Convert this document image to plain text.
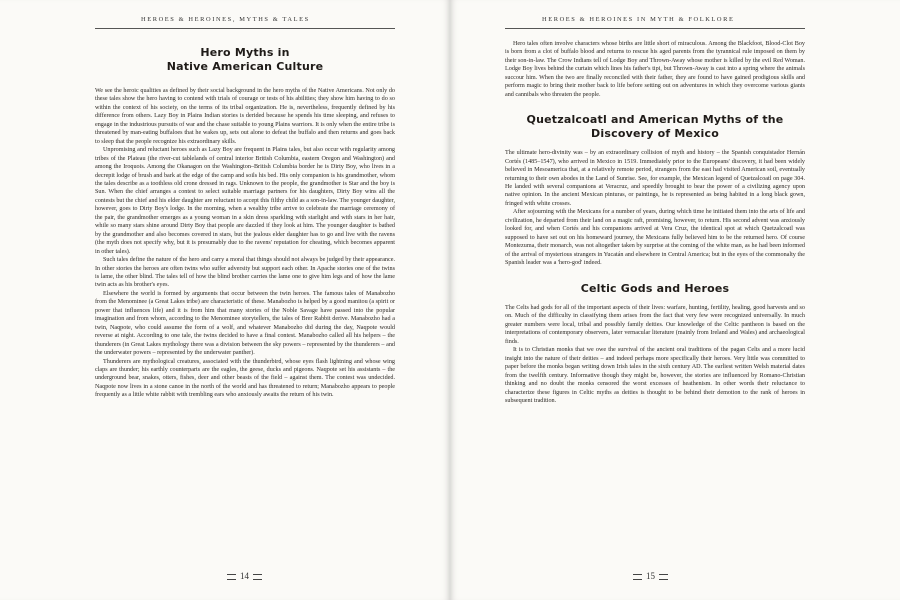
HEROES & HEROINES, MYTHS & TALES
Hero Myths in
Native American Culture

We see the heroic qualities as defined by their social background in the hero myths of the Native Americans. Not only do these tales show the hero having to contend with trials of courage or tests of his abilities; they show him having to do so within the context of his society, on the terms of its tribal organization. He is, nevertheless, frequently defined by his difference from others. Lazy Boy in Plains Indian stories is derided because he spends his time sleeping, and refuses to engage in the industrious pursuits of war and the chase suitable to young Plains warriors. It is only when the entire tribe is threatened by man-eating buffaloes that he wakes up, sets out alone to defeat the buffalo and then returns and goes back to sleep that the people recognize his extraordinary skills.

Unpromising and reluctant heroes such as Lazy Boy are frequent in Plains tales, but also occur with regularity among tribes of the Plateau (the river-cut tablelands of central interior British Columbia, eastern Oregon and Washington) and among the Iroquois. Among the Okanagon on the Washington–British Columbia border he is Dirty Boy, who lives in a decrepit lodge of brush and bark at the edge of the camp and soils his bed. His only companion is his grandmother, whom the tales describe as a toothless old crone dressed in rags. Unknown to the people, the grandmother is Star and the boy is Sun. When the chief arranges a contest to select suitable marriage partners for his daughters, Dirty Boy wins all the contests but the chief and his elder daughter are reluctant to accept this filthy child as a son-in-law. The younger daughter, however, goes to Dirty Boy's lodge. In the morning, when a wealthy tribe arrive to celebrate the marriage ceremony of the pair, the grandmother emerges as a young woman in a skin dress sparkling with starlight and with stars in her hair, while so many stars shine around Dirty Boy that people are dazzled if they look at him. The younger daughter is bathed by the grandmother and also becomes covered in stars, but the jealous elder daughter has to go and live with the ravens (the myth does not specify why, but it is presumably due to the ravens' reputation for cheating, which becomes apparent in other tales).

Such tales define the nature of the hero and carry a moral that things should not always be judged by their appearance. In other stories the heroes are often twins who suffer adversity but support each other. In Apache stories one of the twins is lame, the other blind. The tales tell of how the blind brother carries the lame one to give him legs and of how the lame twin acts as his brother's eyes.

Elsewhere the world is formed by arguments that occur between the twin heroes. The famous tales of Manabozho from the Menominee (a Great Lakes tribe) are characteristic of these. Manabozho is helped by a good manitou (a spirit or power that influences life) and it is from him that many stories of the Noble Savage have passed into the popular imagination and from whom, according to the Menominee storytellers, the tales of Brer Rabbit derive. Manabozho had a twin, Naqpote, who could assume the form of a wolf, and whatever Manabozho did during the day, Naqpote would reverse at night. According to one tale, the twins decided to have a final contest. Manabozho called all his helpers – the thunderers (in Great Lakes mythology there was a division between the sky powers – represented by the thunderers – and the underwater powers – represented by the underwater panther).

Thunderers are mythological creatures, associated with the thunderbird, whose eyes flash lightning and whose wing claps are thunder; his earthly counterparts are the eagles, the geese, ducks and pigeons. Naqpote set his assistants – the underground bear, snakes, otters, fishes, deer and other beasts of the field – against them. The contest was undecided. Naqpote now lives in a stone canoe in the north of the world and has threatened to return; Manabozho appears to people frequently as a little white rabbit with trembling ears who anxiously awaits the return of his twin.

14
HEROES & HEROINES IN MYTH & FOLKLORE

Hero tales often involve characters whose births are little short of miraculous. Among the Blackfoot, Blood-Clot Boy is born from a clot of buffalo blood and returns to rescue his aged parents from the tyrannical rule imposed on them by their son-in-law. The Crow Indians tell of Lodge Boy and Thrown-Away whose mother is killed by the evil Red Woman. Lodge Boy lives behind the curtain which lines his father's tipi, but Thrown-Away is cast into a spring where the animals succour him. When the two are finally reconciled with their father, they are found to have gained prodigious skills and perform magic to bring their mother back to life before setting out on adventures in which they overcome various giants and cannibals who threaten the people.

Quetzalcoatl and American Myths of the
Discovery of Mexico

The ultimate hero-divinity was – by an extraordinary collision of myth and history – the Spanish conquistador Hernán Cortés (1485–1547), who arrived in Mexico in 1519. Immediately prior to the Europeans' discovery, it had been widely believed in Mesoamerica that, at a relatively remote period, strangers from the east had visited American soil, eventually returning to their own abodes in the Land of Sunrise. See, for example, the Mexican legend of Quetzalcoatl on page 304. He landed with several companions at Veracruz, and speedily brought to bear the power of a civilizing agency upon native opinion. In the ancient Mexican pinturas, or paintings, he is represented as being habited in a long black gown, fringed with white crosses.

After sojourning with the Mexicans for a number of years, during which time he initiated them into the arts of life and civilization, he departed from their land on a magic raft, promising, however, to return. His second advent was anxiously looked for, and when Cortés and his companions arrived at Vera Cruz, the identical spot at which Quetzalcoatl was supposed to have set out on his homeward journey, the Mexicans fully believed him to be the returned hero. Of course Montezuma, their monarch, was not altogether taken by surprise at the coming of the white man, as he had been informed of the arrival of mysterious strangers in Yucatán and elsewhere in Central America; but in the eyes of the commonalty the Spanish leader was a 'hero-god' indeed.

Celtic Gods and Heroes

The Celts had gods for all of the important aspects of their lives: warfare, hunting, fertility, healing, good harvests and so on. Much of the difficulty in classifying them arises from the fact that very few were recognized universally. In much greater numbers were local, tribal and possibly family deities. Our knowledge of the Celtic pantheon is based on the interpretations of contemporary observers, later vernacular literature (mainly from Ireland and Wales) and archaeological finds.

It is to Christian monks that we owe the survival of the ancient oral traditions of the pagan Celts and a more lucid insight into the nature of their deities – and indeed perhaps more specifically their heroes. Very little was committed to paper before the monks began writing down Irish tales in the sixth century AD. The earliest written Welsh material dates from the twelfth century. Informative though they might be, however, the stories are influenced by Romano-Christian thinking and no doubt the monks censored the worst excesses of heathenism. In other words their reluctance to characterize these figures in Celtic myths as deities is thought to be behind their demotion to the rank of heroes in subsequent tradition.

15
